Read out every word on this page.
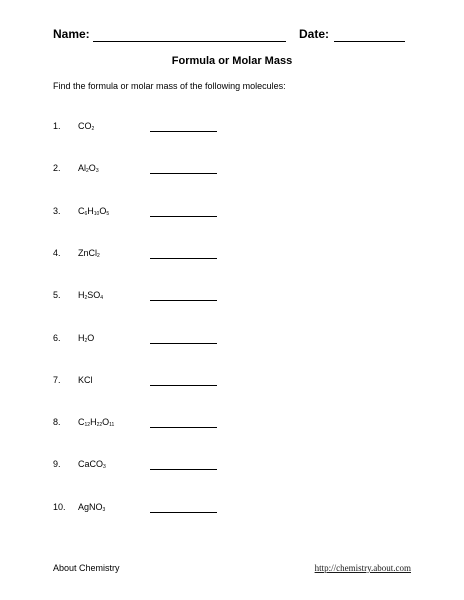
Name:	Date:
Formula or Molar Mass
Find the formula or molar mass of the following molecules:
1. $CO_2$
2. $Al_2O_3$
3. $C_6H_{10}O_5$
4. ZnCl$_2$
5. $H_2SO_4$
6. $H_2O$
7. KCl
8. $C_{12}H_{22}O_{11}$
9. CaCO$_3$
10. AgNO$_3$
About Chemistry	http://chemistry.about.com
